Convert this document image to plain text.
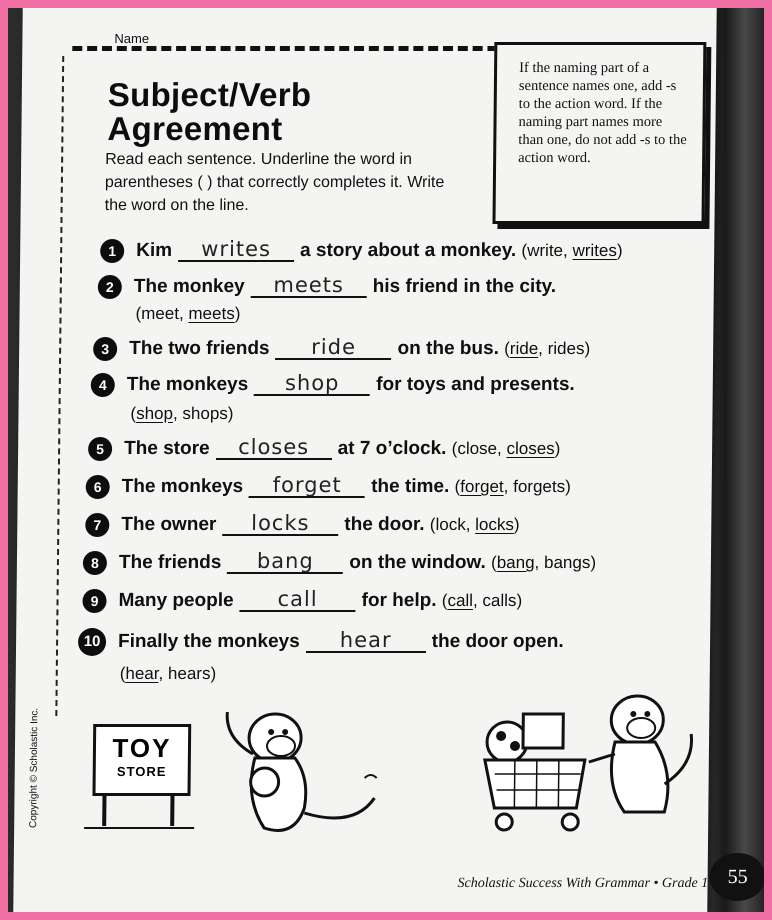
Name
Subject/Verb
Agreement
Read each sentence. Underline the word in parentheses ( ) that correctly completes it. Write the word on the line.
If the naming part of a sentence names one, add -s to the action word. If the naming part names more than one, do not add -s to the action word.
1 Kim writes a story about a monkey. (write, writes)
2 The monkey meets his friend in the city.
(meet, meets)
3 The two friends ride on the bus. (ride, rides)
4 The monkeys shop for toys and presents.
(shop, shops)
5 The store closes at 7 o’clock. (close, closes)
6 The monkeys forget the time. (forget, forgets)
7 The owner locks the door. (lock, locks)
8 The friends bang on the window. (bang, bangs)
9 Many people call for help. (call, calls)
10 Finally the monkeys hear the door open.
(hear, hears)
TOY
STORE
Copyright © Scholastic Inc.
Scholastic Success With Grammar • Grade 1 55
